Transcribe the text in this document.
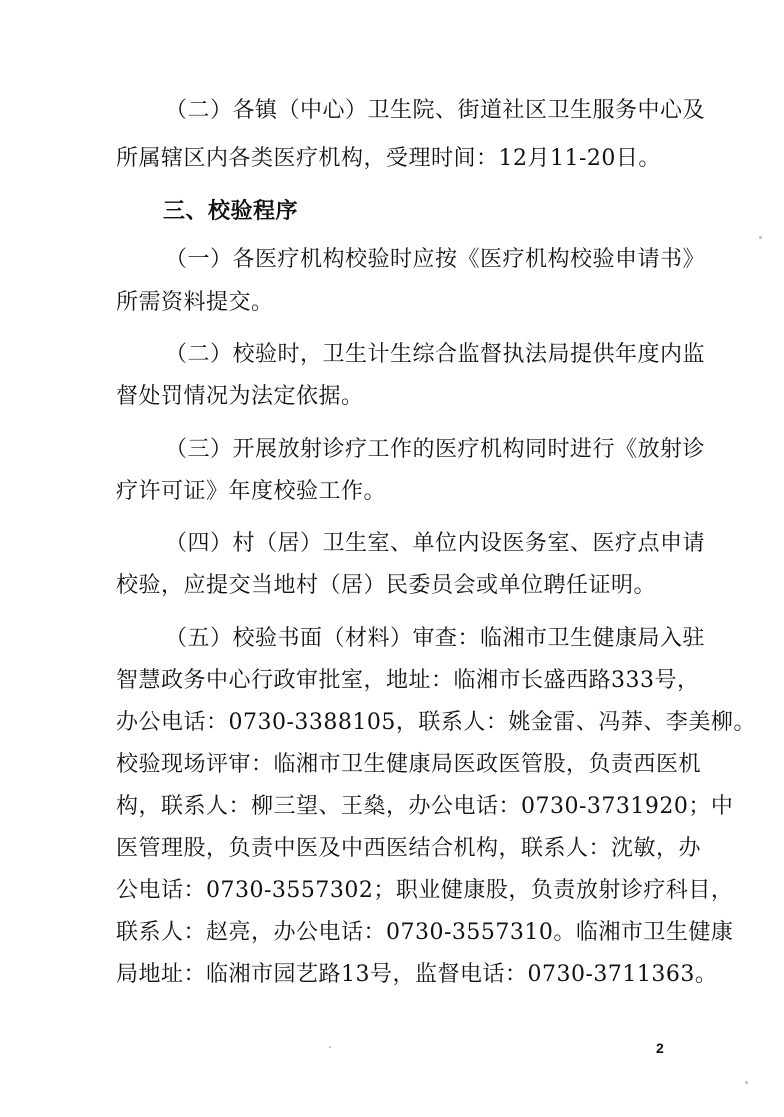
（二）各镇（中心）卫生院、街道社区卫生服务中心及
所属辖区内各类医疗机构，受理时间：12月11-20日。
三、校验程序
（一）各医疗机构校验时应按《医疗机构校验申请书》
所需资料提交。
（二）校验时，卫生计生综合监督执法局提供年度内监
督处罚情况为法定依据。
（三）开展放射诊疗工作的医疗机构同时进行《放射诊
疗许可证》年度校验工作。
（四）村（居）卫生室、单位内设医务室、医疗点申请
校验，应提交当地村（居）民委员会或单位聘任证明。
（五）校验书面（材料）审查：临湘市卫生健康局入驻
智慧政务中心行政审批室，地址：临湘市长盛西路333号，
办公电话：0730-3388105，联系人：姚金雷、冯莽、李美柳。
校验现场评审：临湘市卫生健康局医政医管股，负责西医机
构，联系人：柳三望、王燊，办公电话：0730-3731920；中
医管理股，负责中医及中西医结合机构，联系人：沈敏，办
公电话：0730-3557302；职业健康股，负责放射诊疗科目，
联系人：赵亮，办公电话：0730-3557310。临湘市卫生健康
局地址：临湘市园艺路13号，监督电话：0730-3711363。
2
